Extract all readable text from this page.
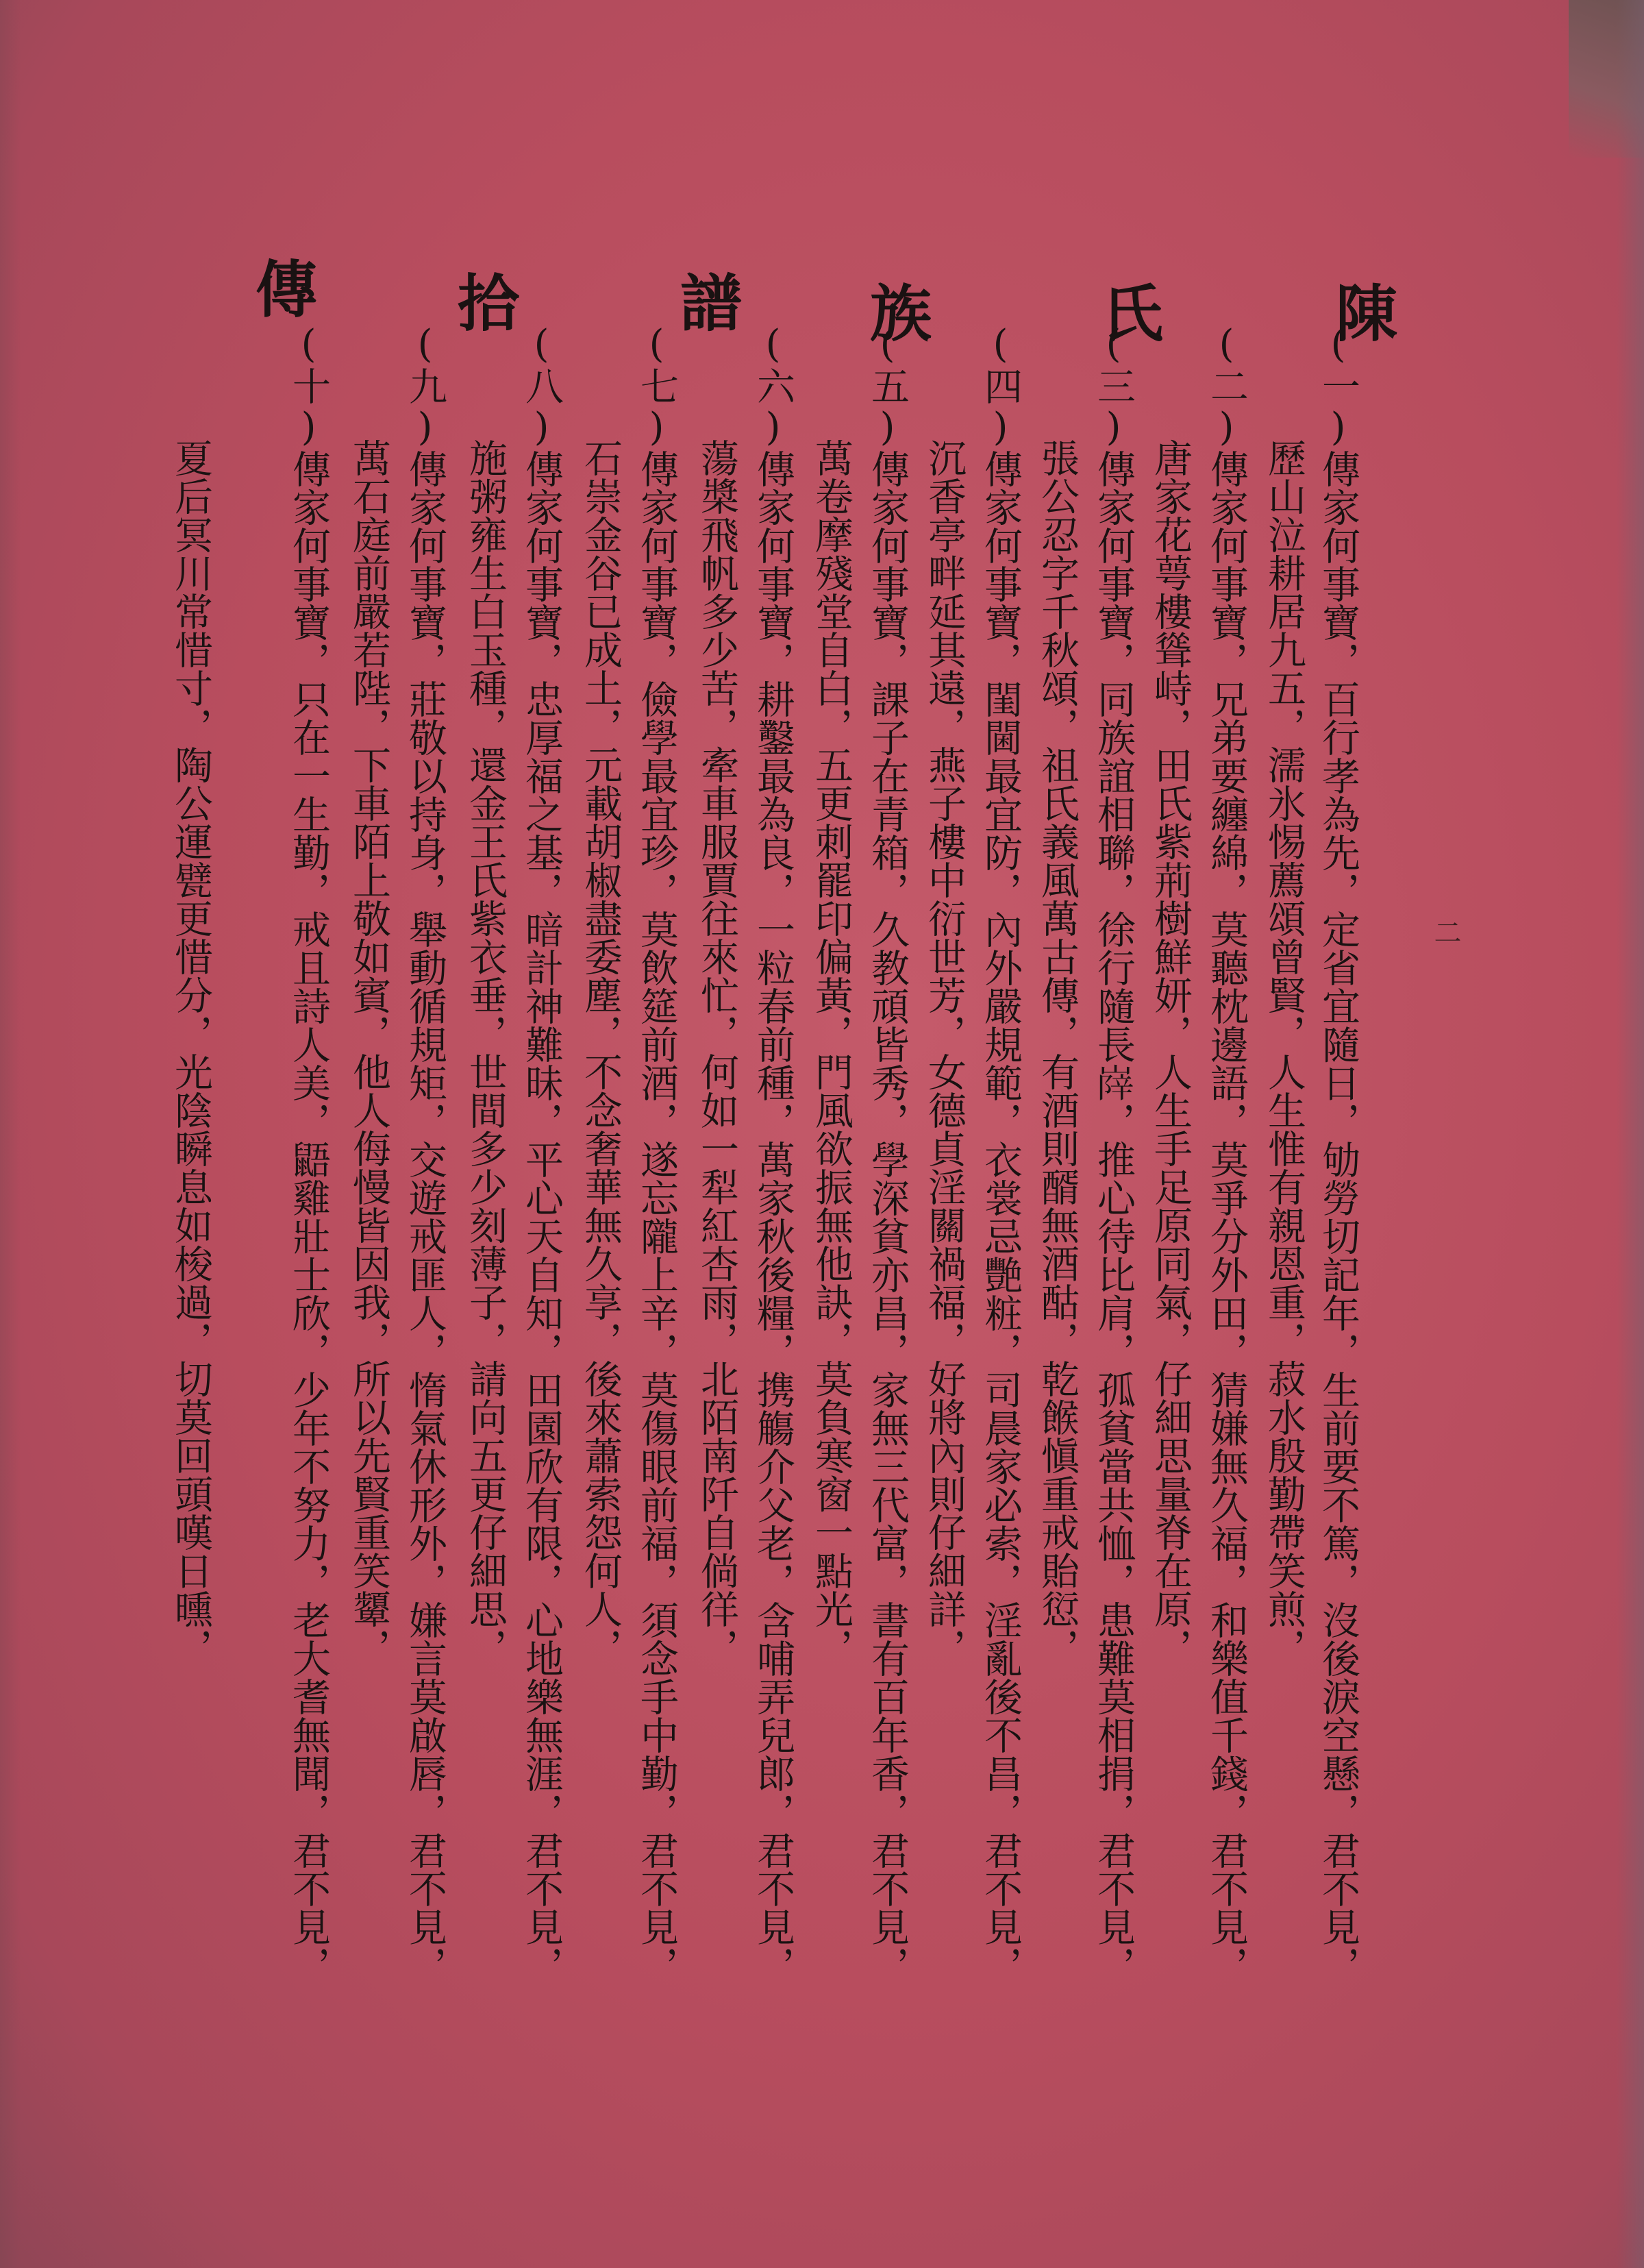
陳
氏
族
譜
拾
傳
(一)傳家何事寶，百行孝為先，定省宜隨日，劬勞切記年，生前要不篤，沒後淚空懸，君不見，
歷山泣耕居九五，濡氷惕薦頌曾賢，人生惟有親恩重，菽水殷勤帶笑煎，
(二)傳家何事寶，兄弟要纏綿，莫聽枕邊語，莫爭分外田，猜嫌無久福，和樂值千錢，君不見，
唐家花萼樓聳峙，田氏紫荊樹鮮妍，人生手足原同氣，仔細思量脊在原，
(三)傳家何事寶，同族誼相聯，徐行隨長𡺰，推心待比肩，孤貧當共恤，患難莫相捐，君不見，
張公忍字千秋頌，祖氏義風萬古傳，有酒則醑無酒酤，乾餱愼重戒貽愆，
(四)傳家何事寶，閨閫最宜防，內外嚴規範，衣裳忌艷粧，司晨家必索，淫亂後不昌，君不見，
沉香亭畔延其遠，燕子樓中衍世芳，女德貞淫關禍福，好將內則仔細詳，
(五)傳家何事寶，課子在青箱，久教頑皆秀，學深貧亦昌，家無三代富，書有百年香，君不見，
萬卷摩殘堂自白，五更刺罷印偏黃，門風欲振無他訣，莫負寒窗一點光，
(六)傳家何事寶，耕鑿最為良，一粒春前種，萬家秋後糧，携觴介父老，含哺弄兒郎，君不見，
蕩槳飛帆多少苦，牽車服賈往來忙，何如一犁紅杏雨，北陌南阡自倘徉，
(七)傳家何事寶，儉學最宜珍，莫飲筵前酒，遂忘隴上辛，莫傷眼前福，須念手中勤，君不見，
石崇金谷已成土，元載胡椒盡委塵，不念奢華無久享，後來蕭索怨何人，
(八)傳家何事寶，忠厚福之基，暗計神難昧，平心天自知，田園欣有限，心地樂無涯，君不見，
施粥雍生白玉種，還金王氏紫衣垂，世間多少刻薄子，請向五更仔細思，
(九)傳家何事寶，莊敬以持身，舉動循規矩，交遊戒匪人，惰氣休形外，嫌言莫啟唇，君不見，
萬石庭前嚴若陛，下車陌上敬如賓，他人侮慢皆因我，所以先賢重笑顰，
(十)傳家何事寶，只在一生勤，戒且詩人美，鼯雞壯士欣，少年不努力，老大耆無聞，君不見，
夏后冥川常惜寸，陶公運甓更惜分，光陰瞬息如梭過，切莫回頭嘆日曛，	二
